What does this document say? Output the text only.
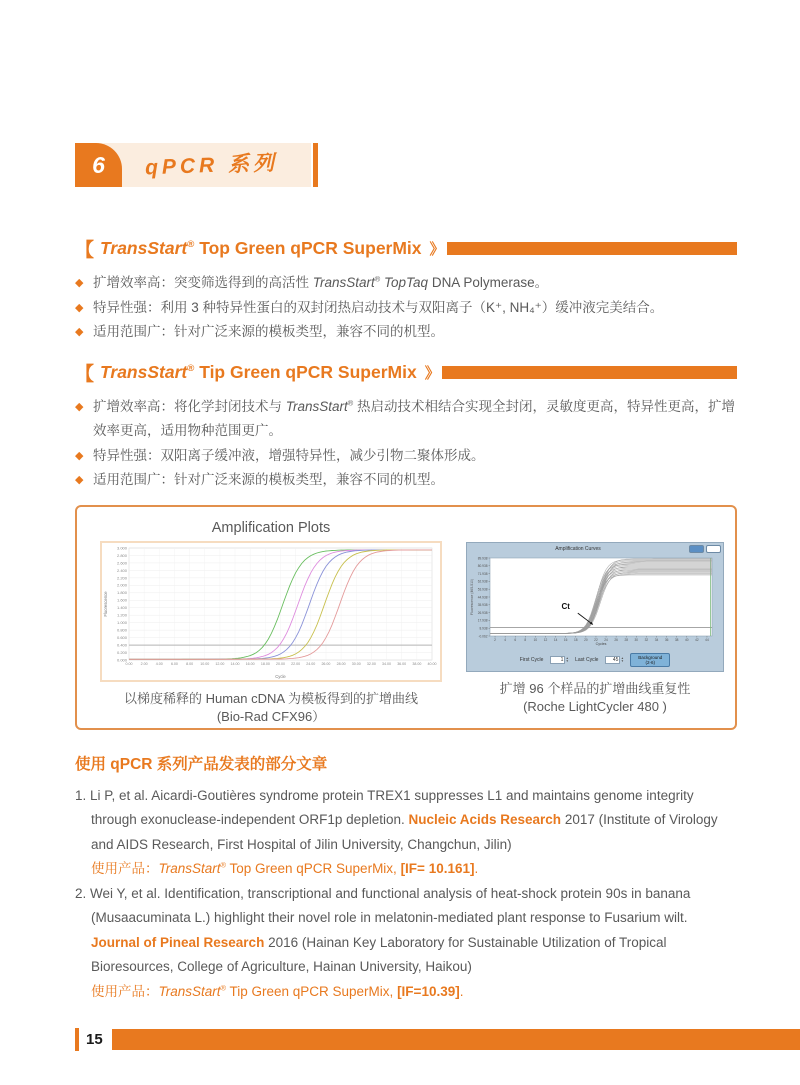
6	qPCR 系列
【 TransStart® Top Green qPCR SuperMix 》
◆ 扩增效率高：突变筛选得到的高活性 TransStart® TopTaq DNA Polymerase。
◆ 特异性强：利用 3 种特异性蛋白的双封闭热启动技术与双阳离子（K⁺, NH₄⁺）缓冲液完美结合。
◆ 适用范围广：针对广泛来源的模板类型，兼容不同的机型。
【 TransStart® Tip Green qPCR SuperMix 》
◆ 扩增效率高：将化学封闭技术与 TransStart® 热启动技术相结合实现全封闭，灵敏度更高，特异性更高，扩增效率更高，适用物种范围更广。
◆ 特异性强：双阳离子缓冲液，增强特异性，减少引物二聚体形成。
◆ 适用范围广：针对广泛来源的模板类型，兼容不同的机型。
Amplification Plots
3.000
2.800
2.600
2.400
2.200
2.000
1.800
1.600
1.400
1.200
1.000
0.800
0.600
0.400
0.200
0.000
0.00 2.00 4.00 6.00 8.00 10.00 12.00 14.00 16.00 18.00 20.00 22.00 24.00 26.00 28.00 30.00 32.00 34.00 36.00 38.00 40.00
Cycle
Fluorescence
以梯度稀释的 Human cDNA 为模板得到的扩增曲线
(Bio-Rad CFX96）
Amplification Curves
89.938
80.938
71.938
62.938
53.938
44.938
35.938
26.938
17.938
8.938
-0.062
2	4	6	8 10 12 14 16 18 20 22 24 26 28 30 32 34 36 38 40 42 44
Cycles
Fluorescence (465-510)	Ct
First Cycle	1 ▴
▾ Last Cycle	45 ▴
▾
Background
(2-6)
扩增 96 个样品的扩增曲线重复性
(Roche LightCycler 480 )
使用 qPCR 系列产品发表的部分文章

1. Li P, et al. Aicardi-Goutières syndrome protein TREX1 suppresses L1 and maintains genome integrity through exonuclease-independent ORF1p depletion. Nucleic Acids Research 2017 (Institute of Virology and AIDS Research, First Hospital of Jilin University, Changchun, Jilin)

使用产品：TransStart® Top Green qPCR SuperMix, [IF= 10.161].

2. Wei Y, et al. Identification, transcriptional and functional analysis of heat-shock protein 90s in banana (Musaacuminata L.) highlight their novel role in melatonin-mediated plant response to Fusarium wilt. Journal of Pineal Research 2016 (Hainan Key Laboratory for Sustainable Utilization of Tropical Bioresources, College of Agriculture, Hainan University, Haikou)

使用产品：TransStart® Tip Green qPCR SuperMix, [IF=10.39].

15
